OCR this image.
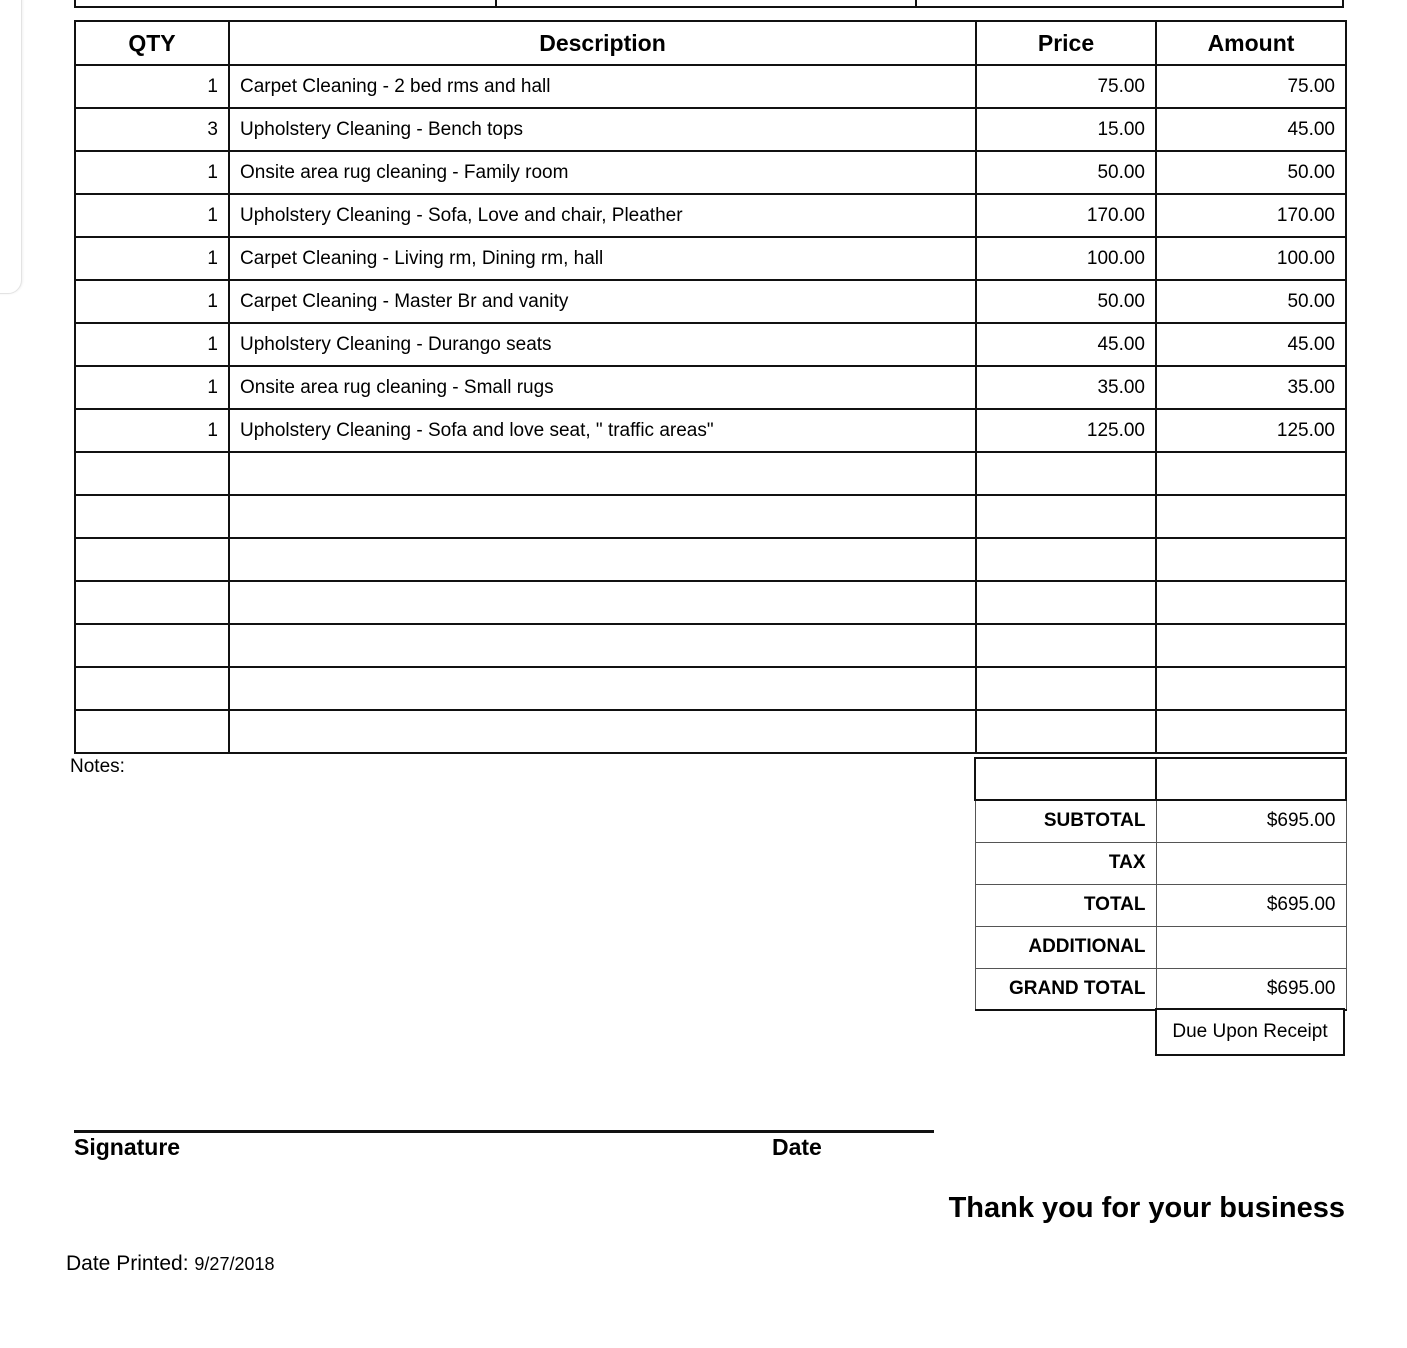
QTY	Description	Price	Amount
1	Carpet Cleaning - 2 bed rms and hall	75.00	75.00
3	Upholstery Cleaning - Bench tops	15.00	45.00
1	Onsite area rug cleaning - Family room	50.00	50.00
1	Upholstery Cleaning - Sofa, Love and chair, Pleather	170.00	170.00
1	Carpet Cleaning - Living rm, Dining rm, hall	100.00	100.00
1	Carpet Cleaning - Master Br and vanity	50.00	50.00
1	Upholstery Cleaning - Durango seats	45.00	45.00
1	Onsite area rug cleaning - Small rugs	35.00	35.00
1	Upholstery Cleaning - Sofa and love seat, " traffic areas"	125.00	125.00

Notes:

SUBTOTAL	$695.00
TAX	
TOTAL	$695.00
ADDITIONAL	
GRAND TOTAL	$695.00
Due Upon Receipt
Signature	Date
Thank you for your business
Date Printed: 9/27/2018
